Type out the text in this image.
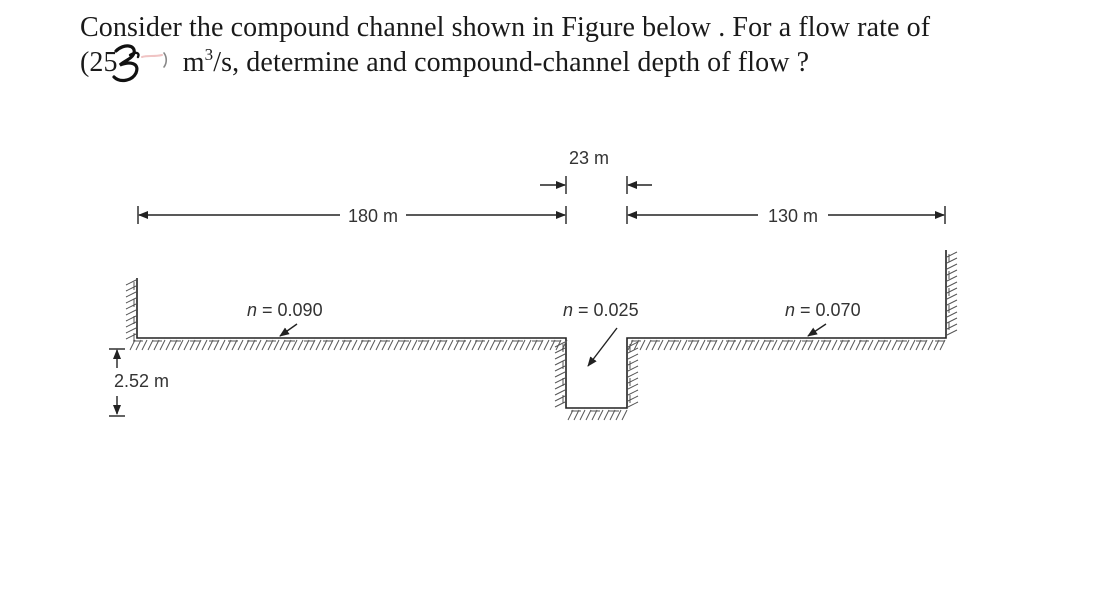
Consider the compound channel shown in Figure below . For a flow rate of
(25 $m^3/s$, determine and compound-channel depth of flow ?
23 m
180 m	130 m
n = 0.090	n = 0.025	n = 0.070
2.52 m
